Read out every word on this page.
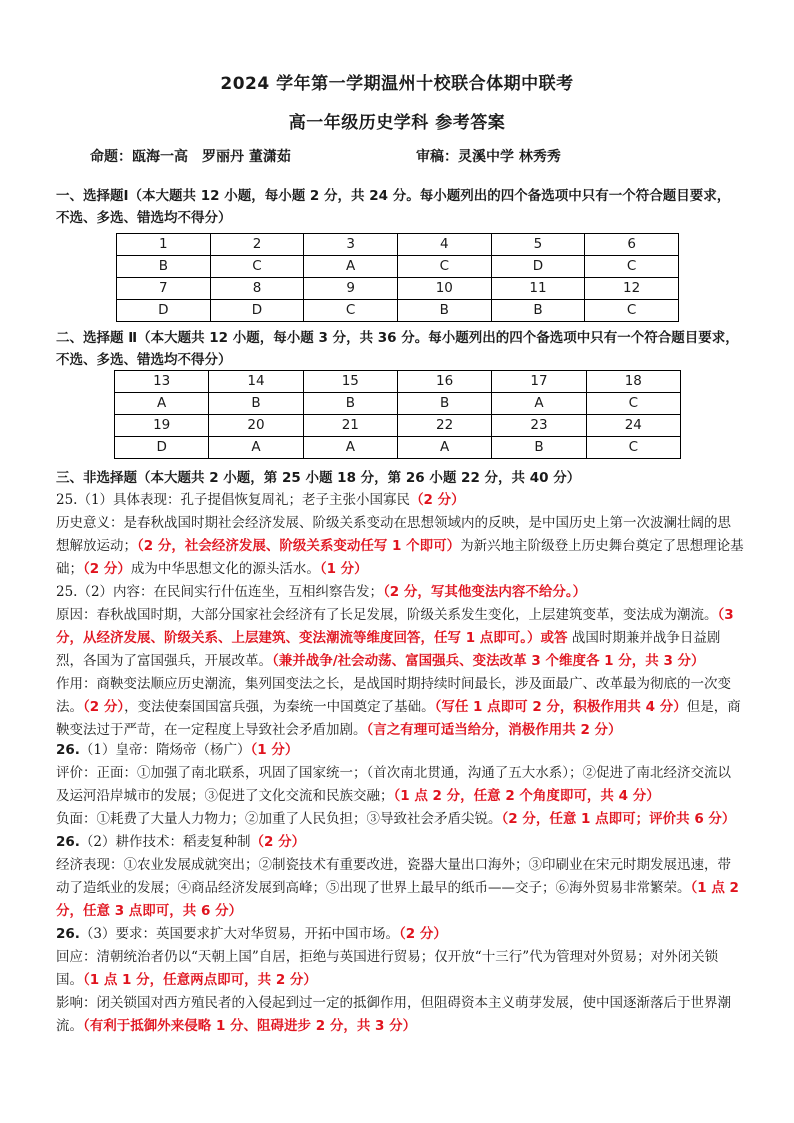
2024 学年第一学期温州十校联合体期中联考
高一年级历史学科 参考答案
命题：瓯海一高　罗丽丹 董潇茹	审稿：灵溪中学 林秀秀
一、选择题Ⅰ（本大题共 12 小题，每小题 2 分，共 24 分。每小题列出的四个备选项中只有一个符合题目要求，不选、多选、错选均不得分）
1	2	3	4	5	6
B	C	A	C	D	C
7	8	9	10	11	12
D	D	C	B	B	C
二、选择题 Ⅱ（本大题共 12 小题，每小题 3 分，共 36 分。每小题列出的四个备选项中只有一个符合题目要求，不选、多选、错选均不得分）
13	14	15	16	17	18
A	B	B	B	A	C
19	20	21	22	23	24
D	A	A	A	B	C
三、非选择题（本大题共 2 小题，第 25 小题 18 分，第 26 小题 22 分，共 40 分）

25.（1）具体表现：孔子提倡恢复周礼；老子主张小国寡民（2 分）

历史意义：是春秋战国时期社会经济发展、阶级关系变动在思想领域内的反映，是中国历史上第一次波澜壮阔的思想解放运动；（2 分，社会经济发展、阶级关系变动任写 1 个即可）为新兴地主阶级登上历史舞台奠定了思想理论基础；（2 分）成为中华思想文化的源头活水。（1 分）

25.（2）内容：在民间实行什伍连坐，互相纠察告发；（2 分，写其他变法内容不给分。）

原因：春秋战国时期，大部分国家社会经济有了长足发展，阶级关系发生变化，上层建筑变革，变法成为潮流。（3 分，从经济发展、阶级关系、上层建筑、变法潮流等维度回答，任写 1 点即可。）或答 战国时期兼并战争日益剧烈，各国为了富国强兵，开展改革。（兼并战争/社会动荡、富国强兵、变法改革 3 个维度各 1 分，共 3 分）

作用：商鞅变法顺应历史潮流，集列国变法之长，是战国时期持续时间最长，涉及面最广、改革最为彻底的一次变法。（2 分），变法使秦国国富兵强，为秦统一中国奠定了基础。（写任 1 点即可 2 分，积极作用共 4 分）但是，商鞅变法过于严苛，在一定程度上导致社会矛盾加剧。（言之有理可适当给分，消极作用共 2 分）

26.（1）皇帝：隋炀帝（杨广）（1 分）

评价：正面：①加强了南北联系，巩固了国家统一；（首次南北贯通，沟通了五大水系）；②促进了南北经济交流以及运河沿岸城市的发展；③促进了文化交流和民族交融；（1 点 2 分，任意 2 个角度即可，共 4 分）

负面：①耗费了大量人力物力；②加重了人民负担；③导致社会矛盾尖锐。（2 分，任意 1 点即可；评价共 6 分）

26.（2）耕作技术：稻麦复种制（2 分）

经济表现：①农业发展成就突出；②制瓷技术有重要改进，瓷器大量出口海外；③印刷业在宋元时期发展迅速，带动了造纸业的发展；④商品经济发展到高峰；⑤出现了世界上最早的纸币——交子；⑥海外贸易非常繁荣。（1 点 2 分，任意 3 点即可，共 6 分）

26.（3）要求：英国要求扩大对华贸易，开拓中国市场。（2 分）

回应：清朝统治者仍以“天朝上国”自居，拒绝与英国进行贸易；仅开放“十三行”代为管理对外贸易；对外闭关锁国。（1 点 1 分，任意两点即可，共 2 分）

影响：闭关锁国对西方殖民者的入侵起到过一定的抵御作用，但阻碍资本主义萌芽发展，使中国逐渐落后于世界潮流。（有利于抵御外来侵略 1 分、阻碍进步 2 分，共 3 分）
